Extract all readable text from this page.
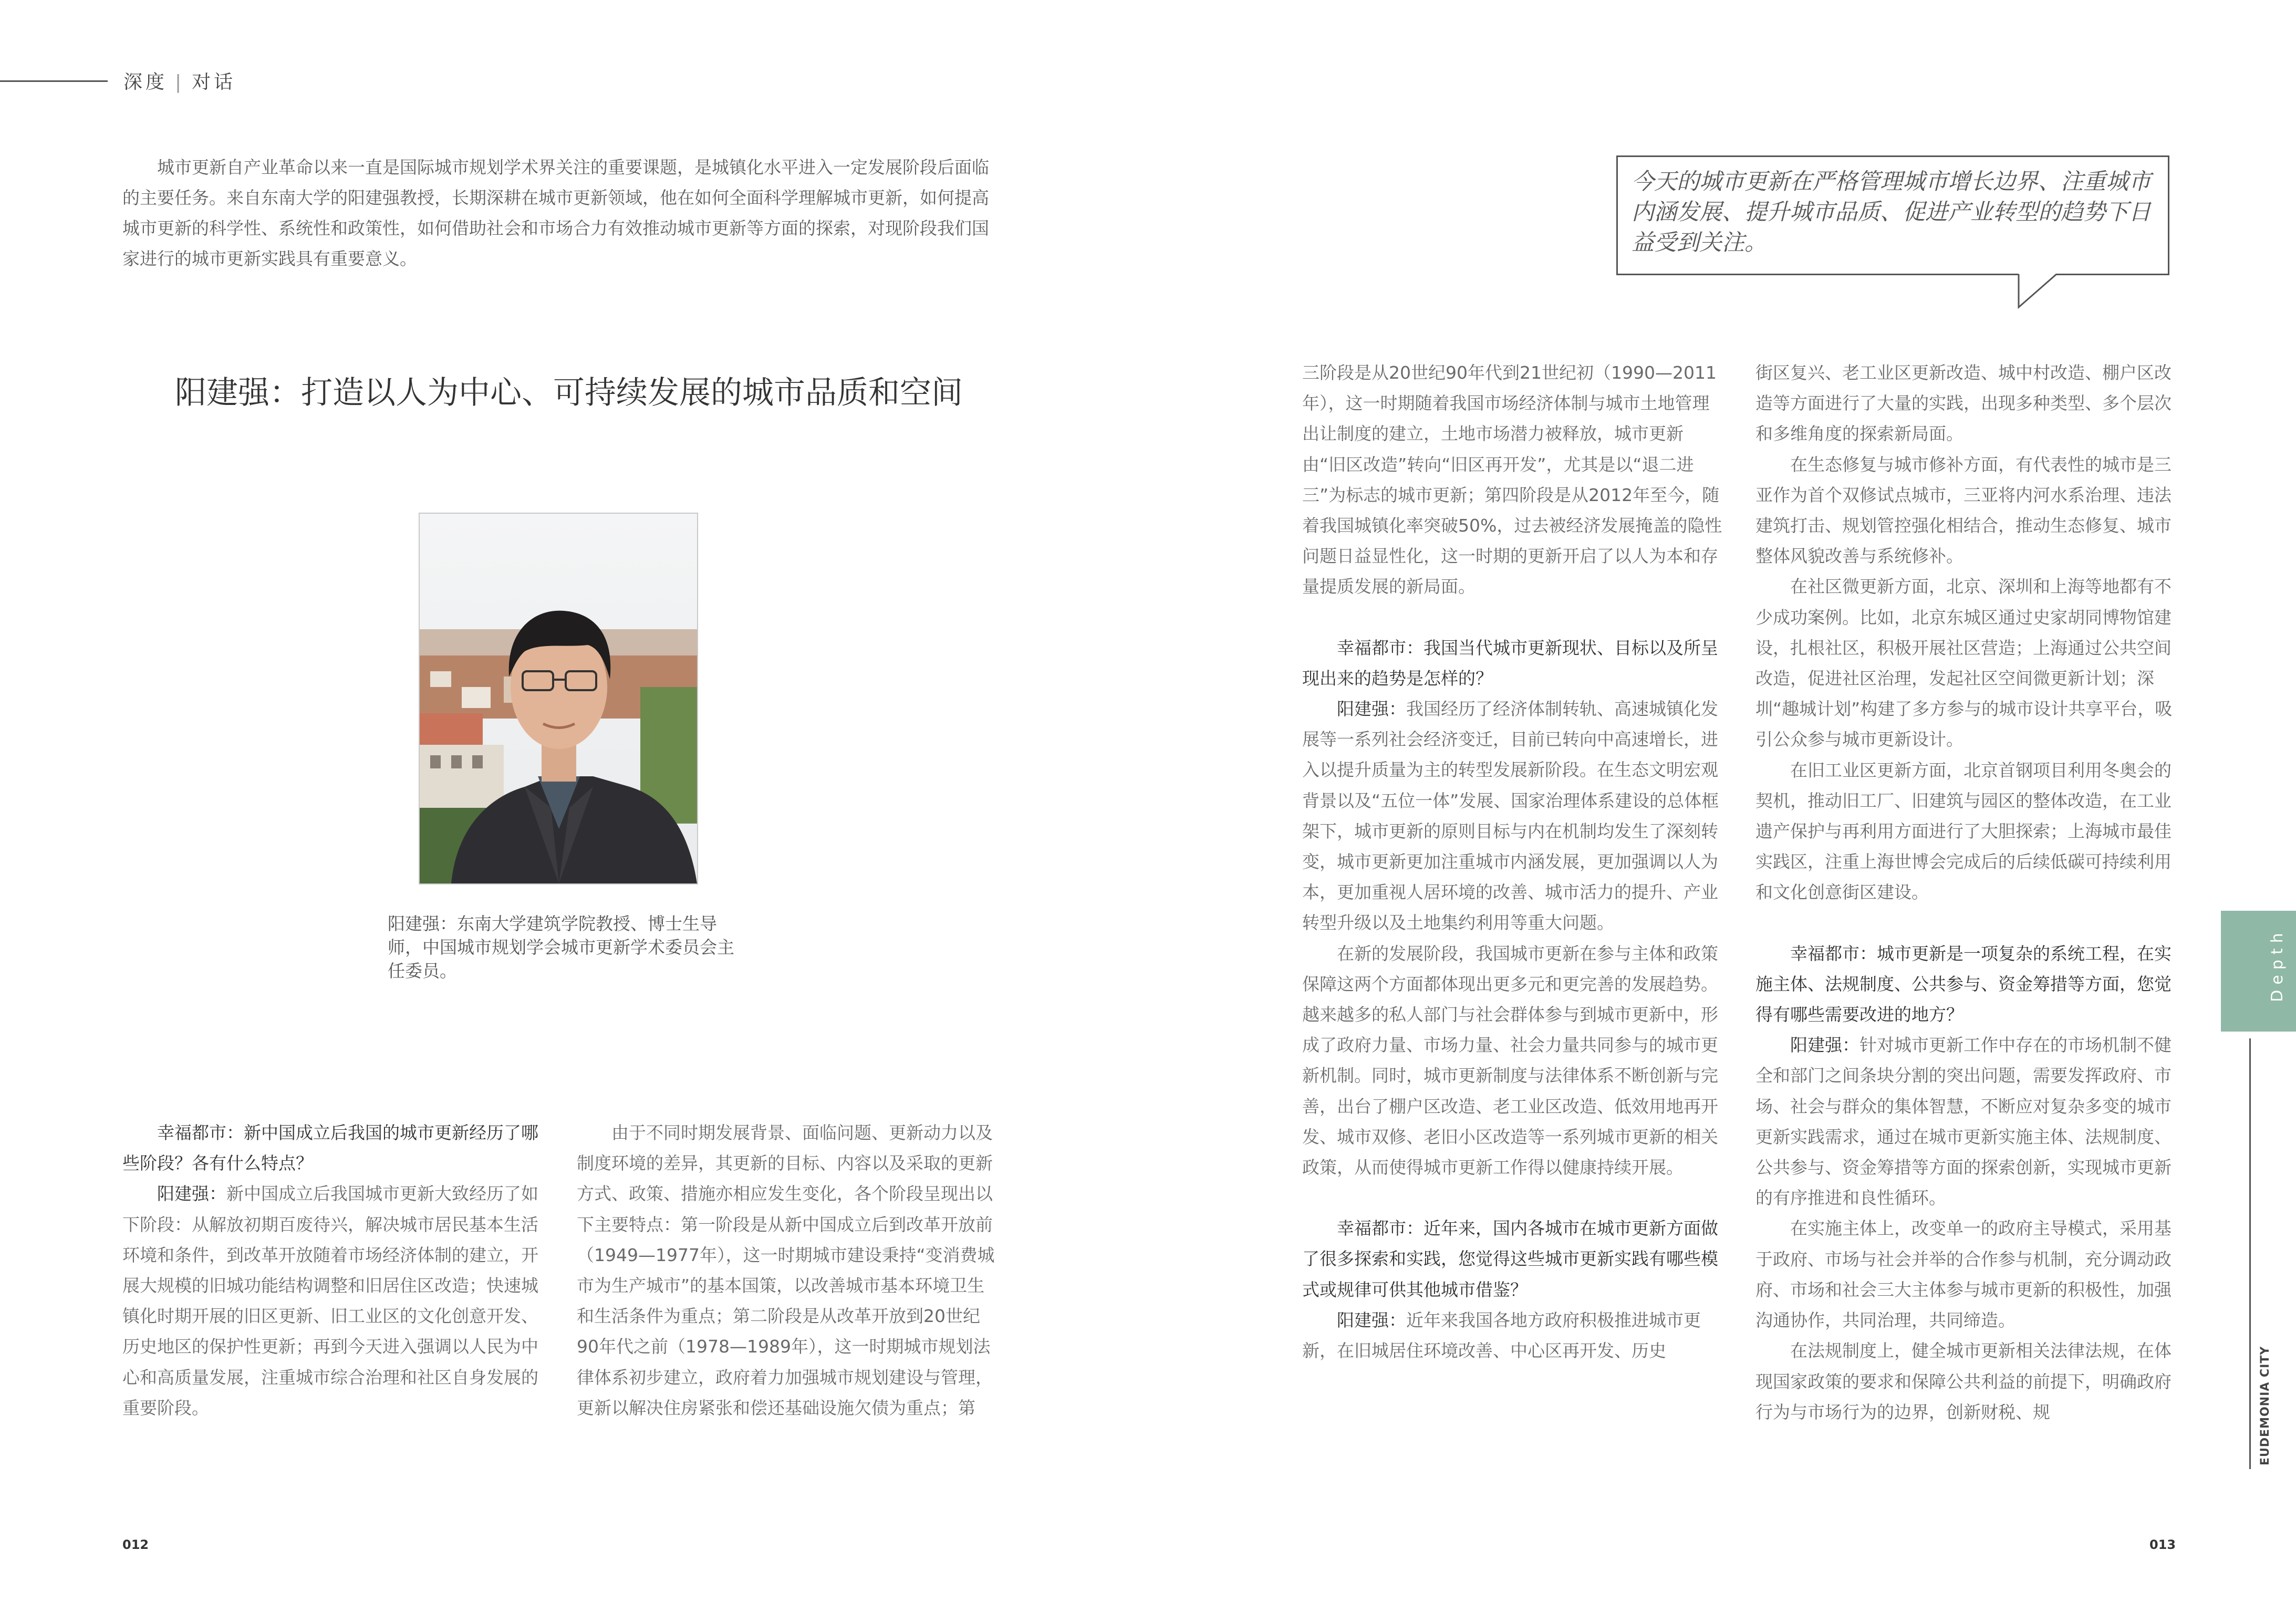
深度 | 对话
城市更新自产业革命以来一直是国际城市规划学术界关注的重要课题，是城镇化水平进入一定发展阶段后面临的主要任务。来自东南大学的阳建强教授，长期深耕在城市更新领域，他在如何全面科学理解城市更新，如何提高城市更新的科学性、系统性和政策性，如何借助社会和市场合力有效推动城市更新等方面的探索，对现阶段我们国家进行的城市更新实践具有重要意义。
今天的城市更新在严格管理城市增长边界、注重城市内涵发展、提升城市品质、促进产业转型的趋势下日益受到关注。
阳建强：打造以人为中心、可持续发展的城市品质和空间
阳建强：东南大学建筑学院教授、博士生导师，中国城市规划学会城市更新学术委员会主任委员。

幸福都市：新中国成立后我国的城市更新经历了哪些阶段？各有什么特点？

阳建强：新中国成立后我国城市更新大致经历了如下阶段：从解放初期百废待兴，解决城市居民基本生活环境和条件，到改革开放随着市场经济体制的建立，开展大规模的旧城功能结构调整和旧居住区改造；快速城镇化时期开展的旧区更新、旧工业区的文化创意开发、历史地区的保护性更新；再到今天进入强调以人民为中心和高质量发展，注重城市综合治理和社区自身发展的重要阶段。

由于不同时期发展背景、面临问题、更新动力以及制度环境的差异，其更新的目标、内容以及采取的更新方式、政策、措施亦相应发生变化，各个阶段呈现出以下主要特点：第一阶段是从新中国成立后到改革开放前（1949—1977年），这一时期城市建设秉持“变消费城市为生产城市”的基本国策，以改善城市基本环境卫生和生活条件为重点；第二阶段是从改革开放到20世纪90年代之前（1978—1989年），这一时期城市规划法律体系初步建立，政府着力加强城市规划建设与管理，更新以解决住房紧张和偿还基础设施欠债为重点；第

三阶段是从20世纪90年代到21世纪初（1990—2011年），这一时期随着我国市场经济体制与城市土地管理出让制度的建立，土地市场潜力被释放，城市更新由“旧区改造”转向“旧区再开发”，尤其是以“退二进三”为标志的城市更新；第四阶段是从2012年至今，随着我国城镇化率突破50%，过去被经济发展掩盖的隐性问题日益显性化，这一时期的更新开启了以人为本和存量提质发展的新局面。

幸福都市：我国当代城市更新现状、目标以及所呈现出来的趋势是怎样的？

阳建强：我国经历了经济体制转轨、高速城镇化发展等一系列社会经济变迁，目前已转向中高速增长，进入以提升质量为主的转型发展新阶段。在生态文明宏观背景以及“五位一体”发展、国家治理体系建设的总体框架下，城市更新的原则目标与内在机制均发生了深刻转变，城市更新更加注重城市内涵发展，更加强调以人为本，更加重视人居环境的改善、城市活力的提升、产业转型升级以及土地集约利用等重大问题。

在新的发展阶段，我国城市更新在参与主体和政策保障这两个方面都体现出更多元和更完善的发展趋势。越来越多的私人部门与社会群体参与到城市更新中，形成了政府力量、市场力量、社会力量共同参与的城市更新机制。同时，城市更新制度与法律体系不断创新与完善，出台了棚户区改造、老工业区改造、低效用地再开发、城市双修、老旧小区改造等一系列城市更新的相关政策，从而使得城市更新工作得以健康持续开展。

幸福都市：近年来，国内各城市在城市更新方面做了很多探索和实践，您觉得这些城市更新实践有哪些模式或规律可供其他城市借鉴？

阳建强：近年来我国各地方政府积极推进城市更新，在旧城居住环境改善、中心区再开发、历史

街区复兴、老工业区更新改造、城中村改造、棚户区改造等方面进行了大量的实践，出现多种类型、多个层次和多维角度的探索新局面。

在生态修复与城市修补方面，有代表性的城市是三亚作为首个双修试点城市，三亚将内河水系治理、违法建筑打击、规划管控强化相结合，推动生态修复、城市整体风貌改善与系统修补。

在社区微更新方面，北京、深圳和上海等地都有不少成功案例。比如，北京东城区通过史家胡同博物馆建设，扎根社区，积极开展社区营造；上海通过公共空间改造，促进社区治理，发起社区空间微更新计划；深圳“趣城计划”构建了多方参与的城市设计共享平台，吸引公众参与城市更新设计。

在旧工业区更新方面，北京首钢项目利用冬奥会的契机，推动旧工厂、旧建筑与园区的整体改造，在工业遗产保护与再利用方面进行了大胆探索；上海城市最佳实践区，注重上海世博会完成后的后续低碳可持续利用和文化创意街区建设。

幸福都市：城市更新是一项复杂的系统工程，在实施主体、法规制度、公共参与、资金筹措等方面，您觉得有哪些需要改进的地方？

阳建强：针对城市更新工作中存在的市场机制不健全和部门之间条块分割的突出问题，需要发挥政府、市场、社会与群众的集体智慧，不断应对复杂多变的城市更新实践需求，通过在城市更新实施主体、法规制度、公共参与、资金筹措等方面的探索创新，实现城市更新的有序推进和良性循环。

在实施主体上，改变单一的政府主导模式，采用基于政府、市场与社会并举的合作参与机制，充分调动政府、市场和社会三大主体参与城市更新的积极性，加强沟通协作，共同治理，共同缔造。

在法规制度上，健全城市更新相关法律法规，在体现国家政策的要求和保障公共利益的前提下，明确政府行为与市场行为的边界，创新财税、规

Depth
EUDEMONIA CITY
012	013
